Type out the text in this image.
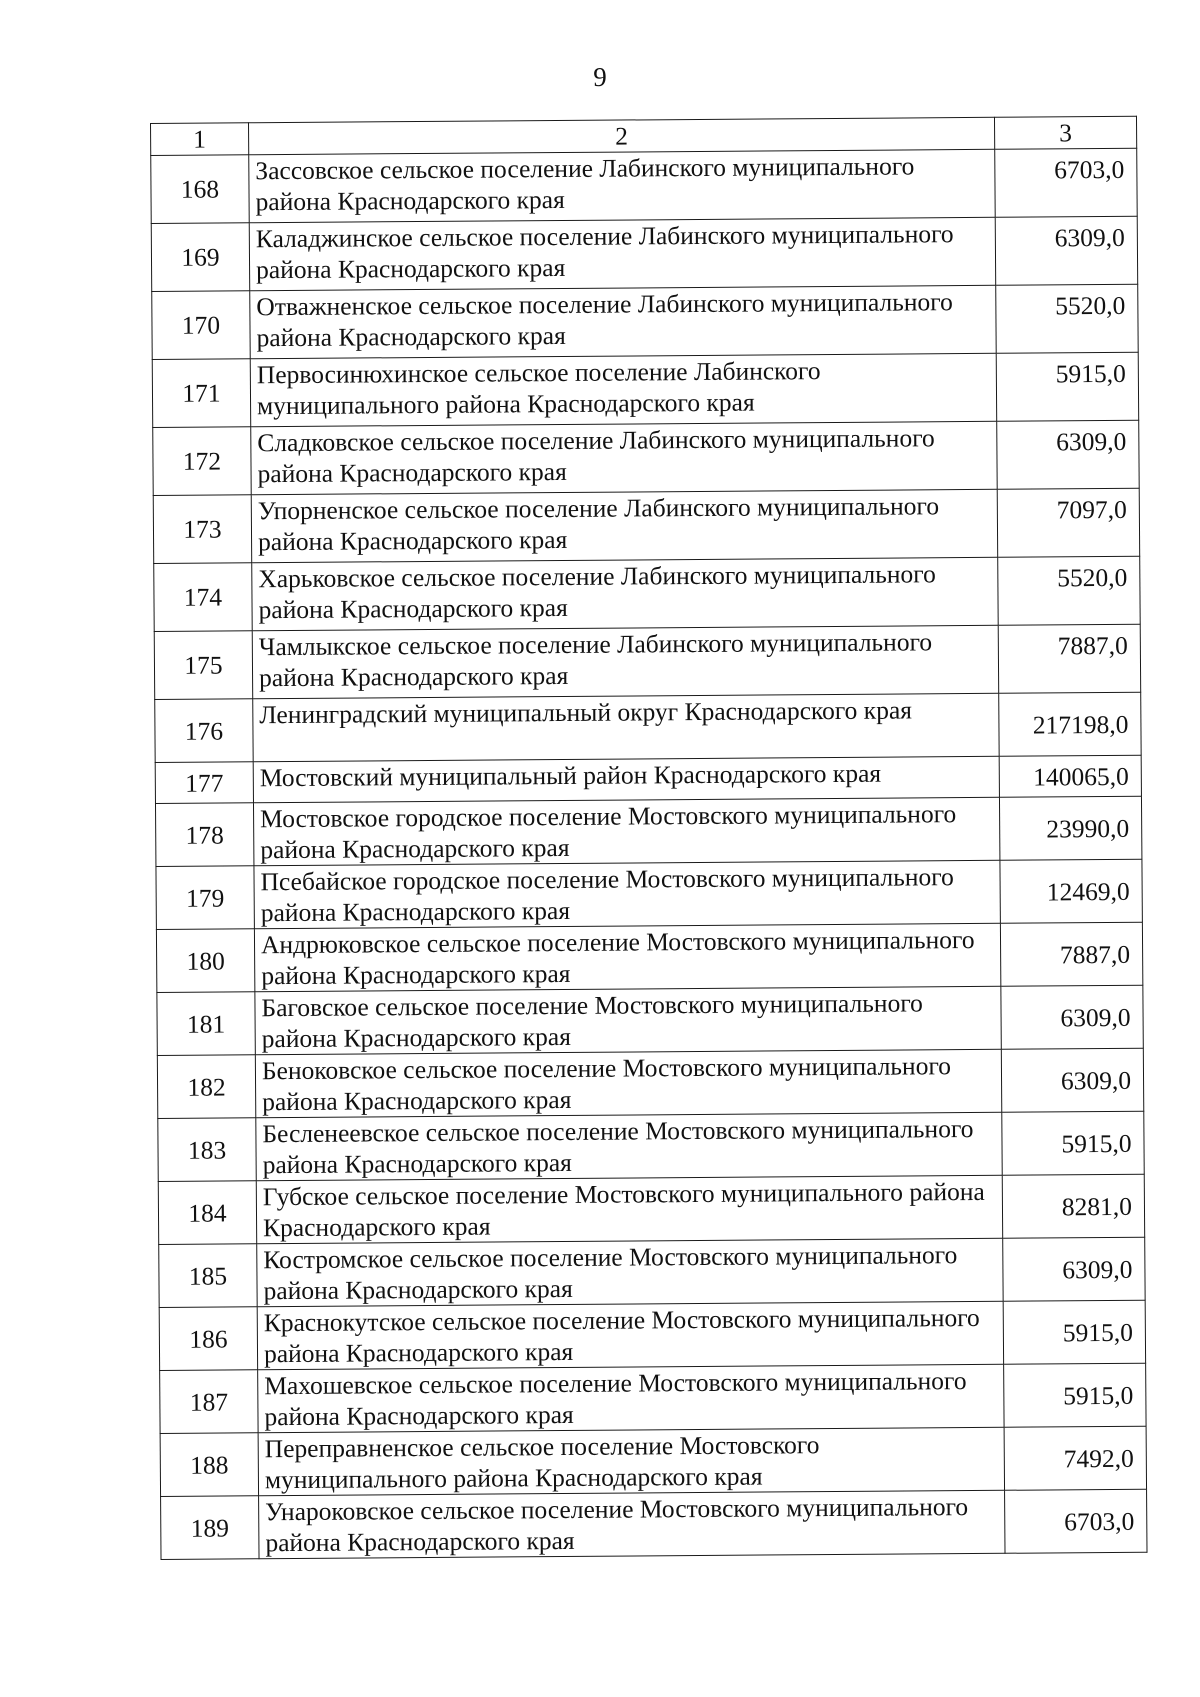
9
1	2	3
168	Зассовское сельское поселение Лабинского муниципального района Краснодарского края	6703,0
169	Каладжинское сельское поселение Лабинского муниципального района Краснодарского края	6309,0
170	Отважненское сельское поселение Лабинского муниципального района Краснодарского края	5520,0
171	Первосинюхинское сельское поселение Лабинского муниципального района Краснодарского края	5915,0
172	Сладковское сельское поселение Лабинского муниципального района Краснодарского края	6309,0
173	Упорненское сельское поселение Лабинского муниципального района Краснодарского края	7097,0
174	Харьковское сельское поселение Лабинского муниципального района Краснодарского края	5520,0
175	Чамлыкское сельское поселение Лабинского муниципального района Краснодарского края	7887,0
176	Ленинградский муниципальный округ Краснодарского края	217198,0
177	Мостовский муниципальный район Краснодарского края	140065,0
178	Мостовское городское поселение Мостовского муниципального района Краснодарского края	23990,0
179	Псебайское городское поселение Мостовского муниципального района Краснодарского края	12469,0
180	Андрюковское сельское поселение Мостовского муниципального района Краснодарского края	7887,0
181	Баговское сельское поселение Мостовского муниципального района Краснодарского края	6309,0
182	Беноковское сельское поселение Мостовского муниципального района Краснодарского края	6309,0
183	Бесленеевское сельское поселение Мостовского муниципального района Краснодарского края	5915,0
184	Губское сельское поселение Мостовского муниципального района Краснодарского края	8281,0
185	Костромское сельское поселение Мостовского муниципального района Краснодарского края	6309,0
186	Краснокутское сельское поселение Мостовского муниципального района Краснодарского края	5915,0
187	Махошевское сельское поселение Мостовского муниципального района Краснодарского края	5915,0
188	Переправненское сельское поселение Мостовского муниципального района Краснодарского края	7492,0
189	Унароковское сельское поселение Мостовского муниципального района Краснодарского края	6703,0
